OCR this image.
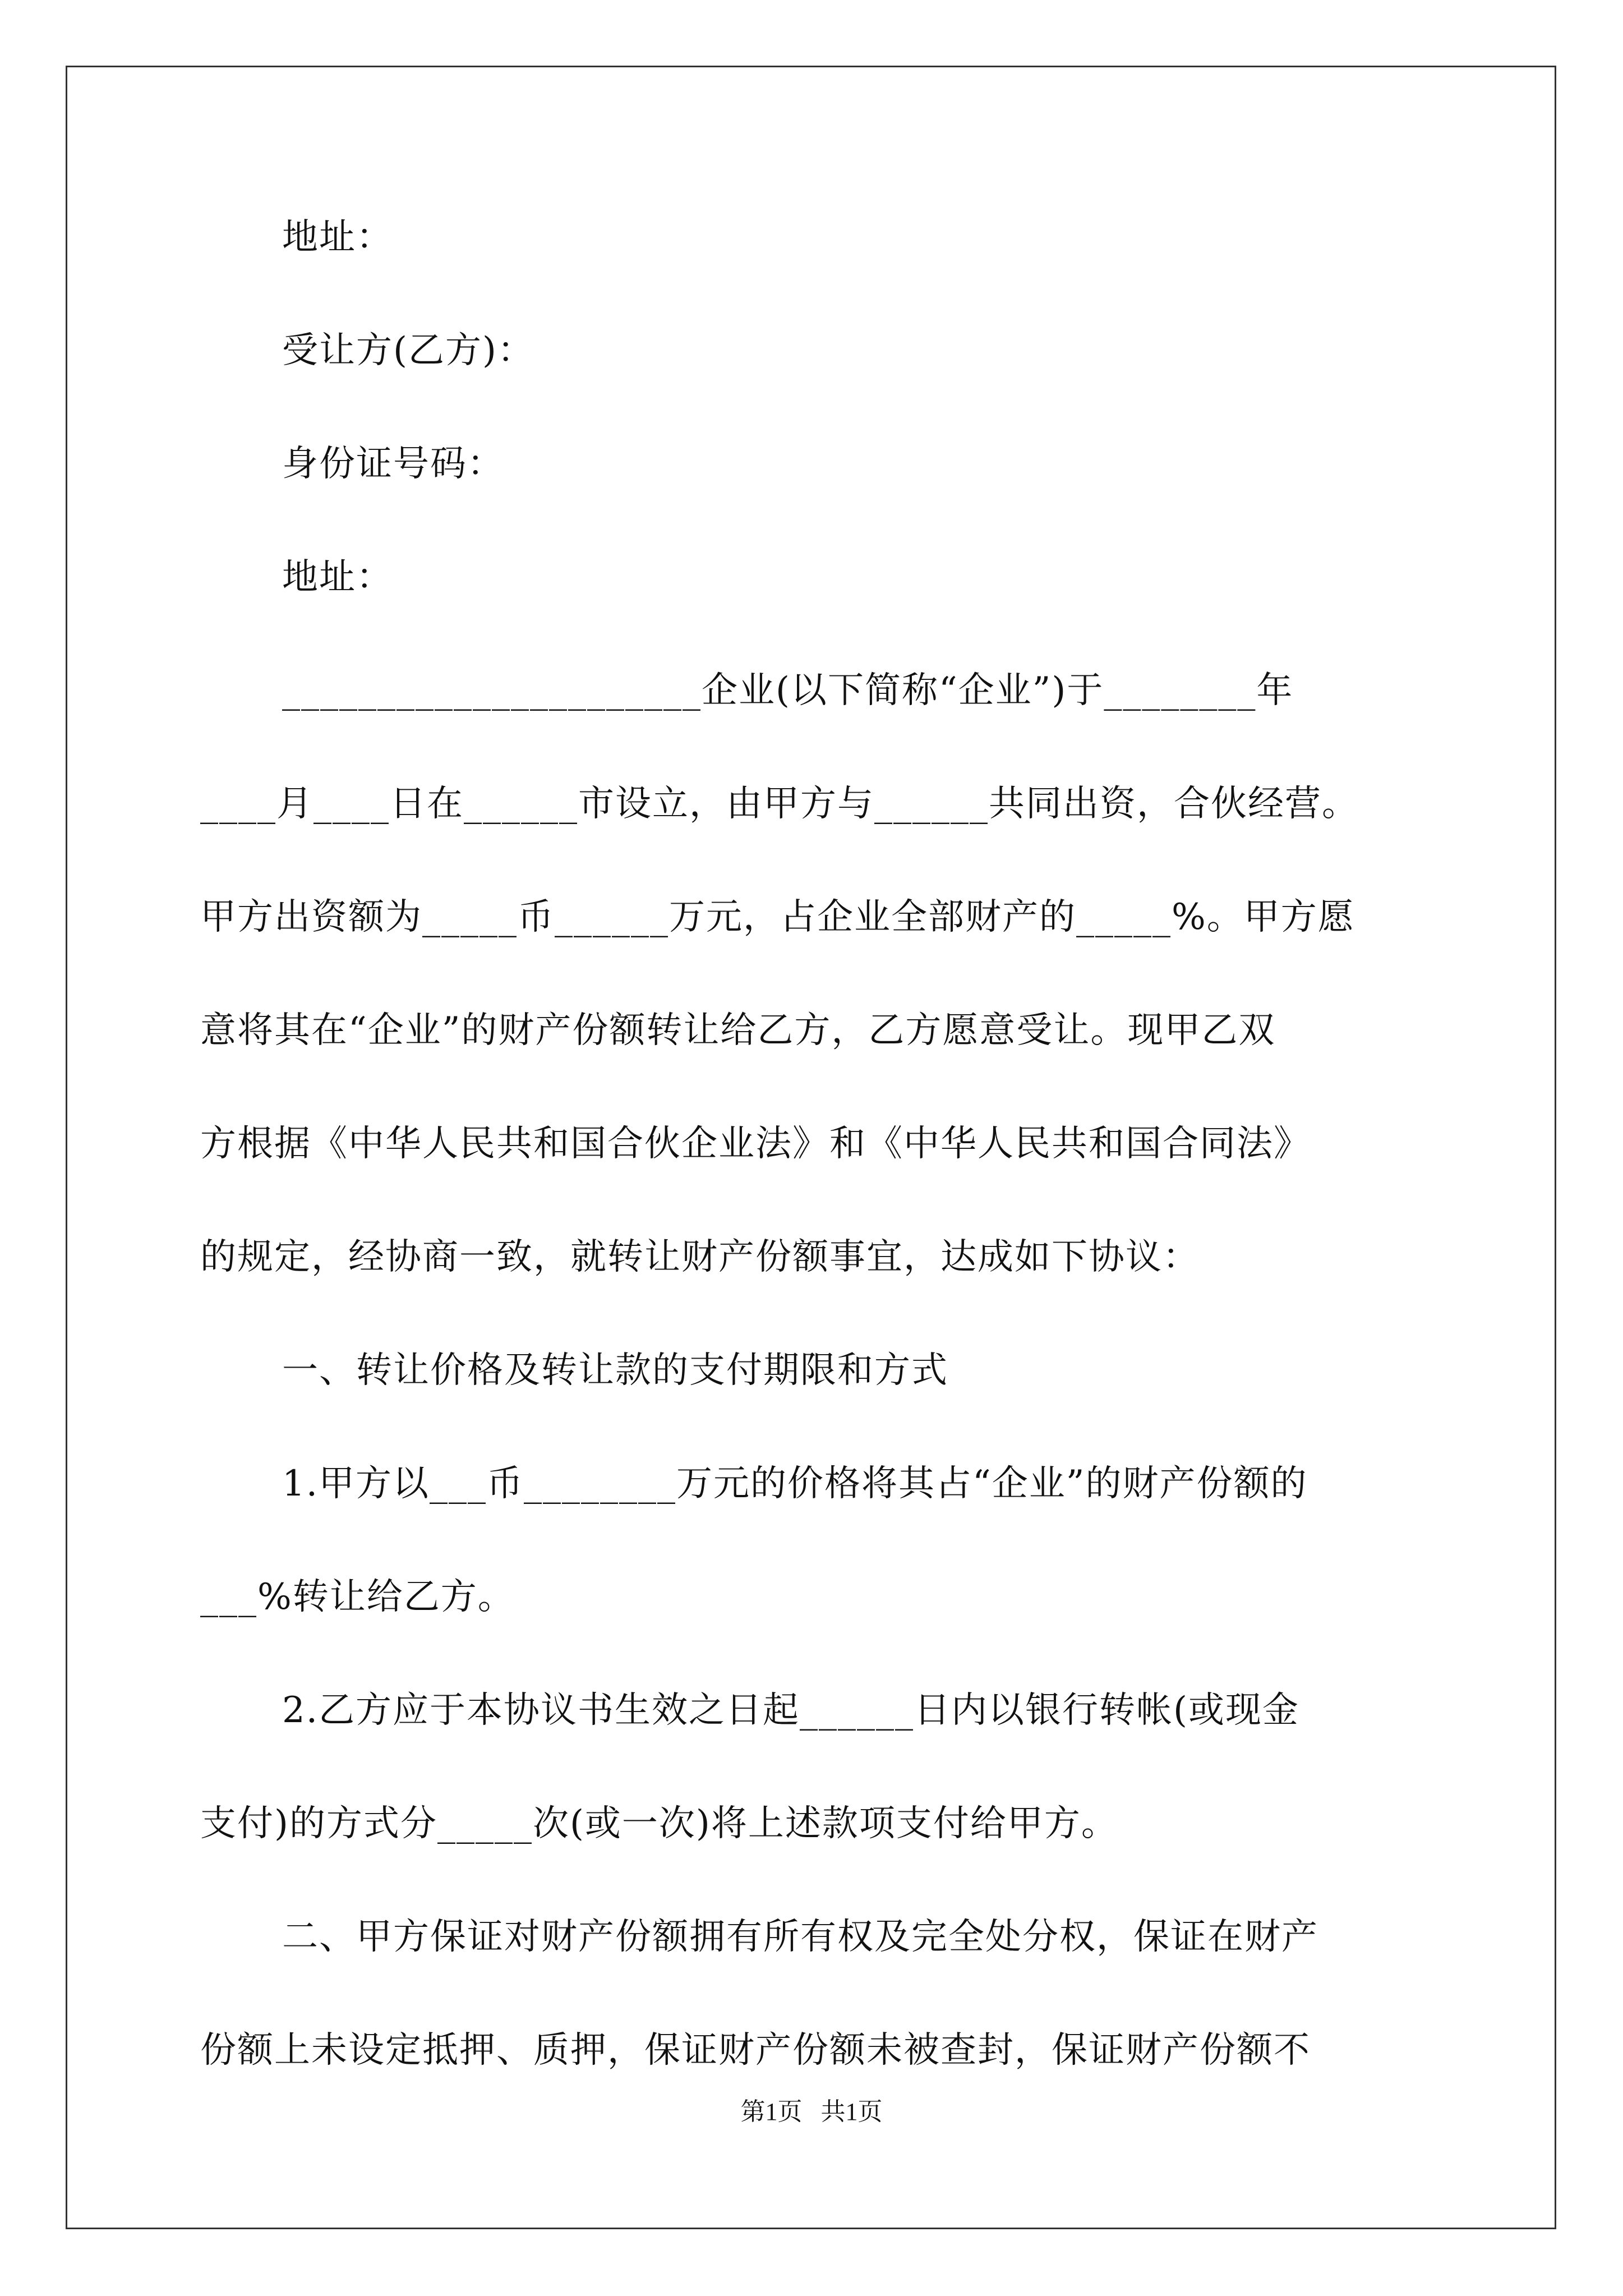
地址：
受让方(乙方)：
身份证号码：
地址：
______________________企业(以下简称“企业”)于________年
____月____日在______市设立，由甲方与______共同出资，合伙经营。
甲方出资额为_____币______万元，占企业全部财产的_____%。甲方愿
意将其在“企业”的财产份额转让给乙方，乙方愿意受让。现甲乙双
方根据《中华人民共和国合伙企业法》和《中华人民共和国合同法》
的规定，经协商一致，就转让财产份额事宜，达成如下协议：
一、转让价格及转让款的支付期限和方式
1.甲方以___币________万元的价格将其占“企业”的财产份额的
___%转让给乙方。
2.乙方应于本协议书生效之日起______日内以银行转帐(或现金
支付)的方式分_____次(或一次)将上述款项支付给甲方。
二、甲方保证对财产份额拥有所有权及完全处分权，保证在财产
份额上未设定抵押、质押，保证财产份额未被查封，保证财产份额不
第1页   共1页
